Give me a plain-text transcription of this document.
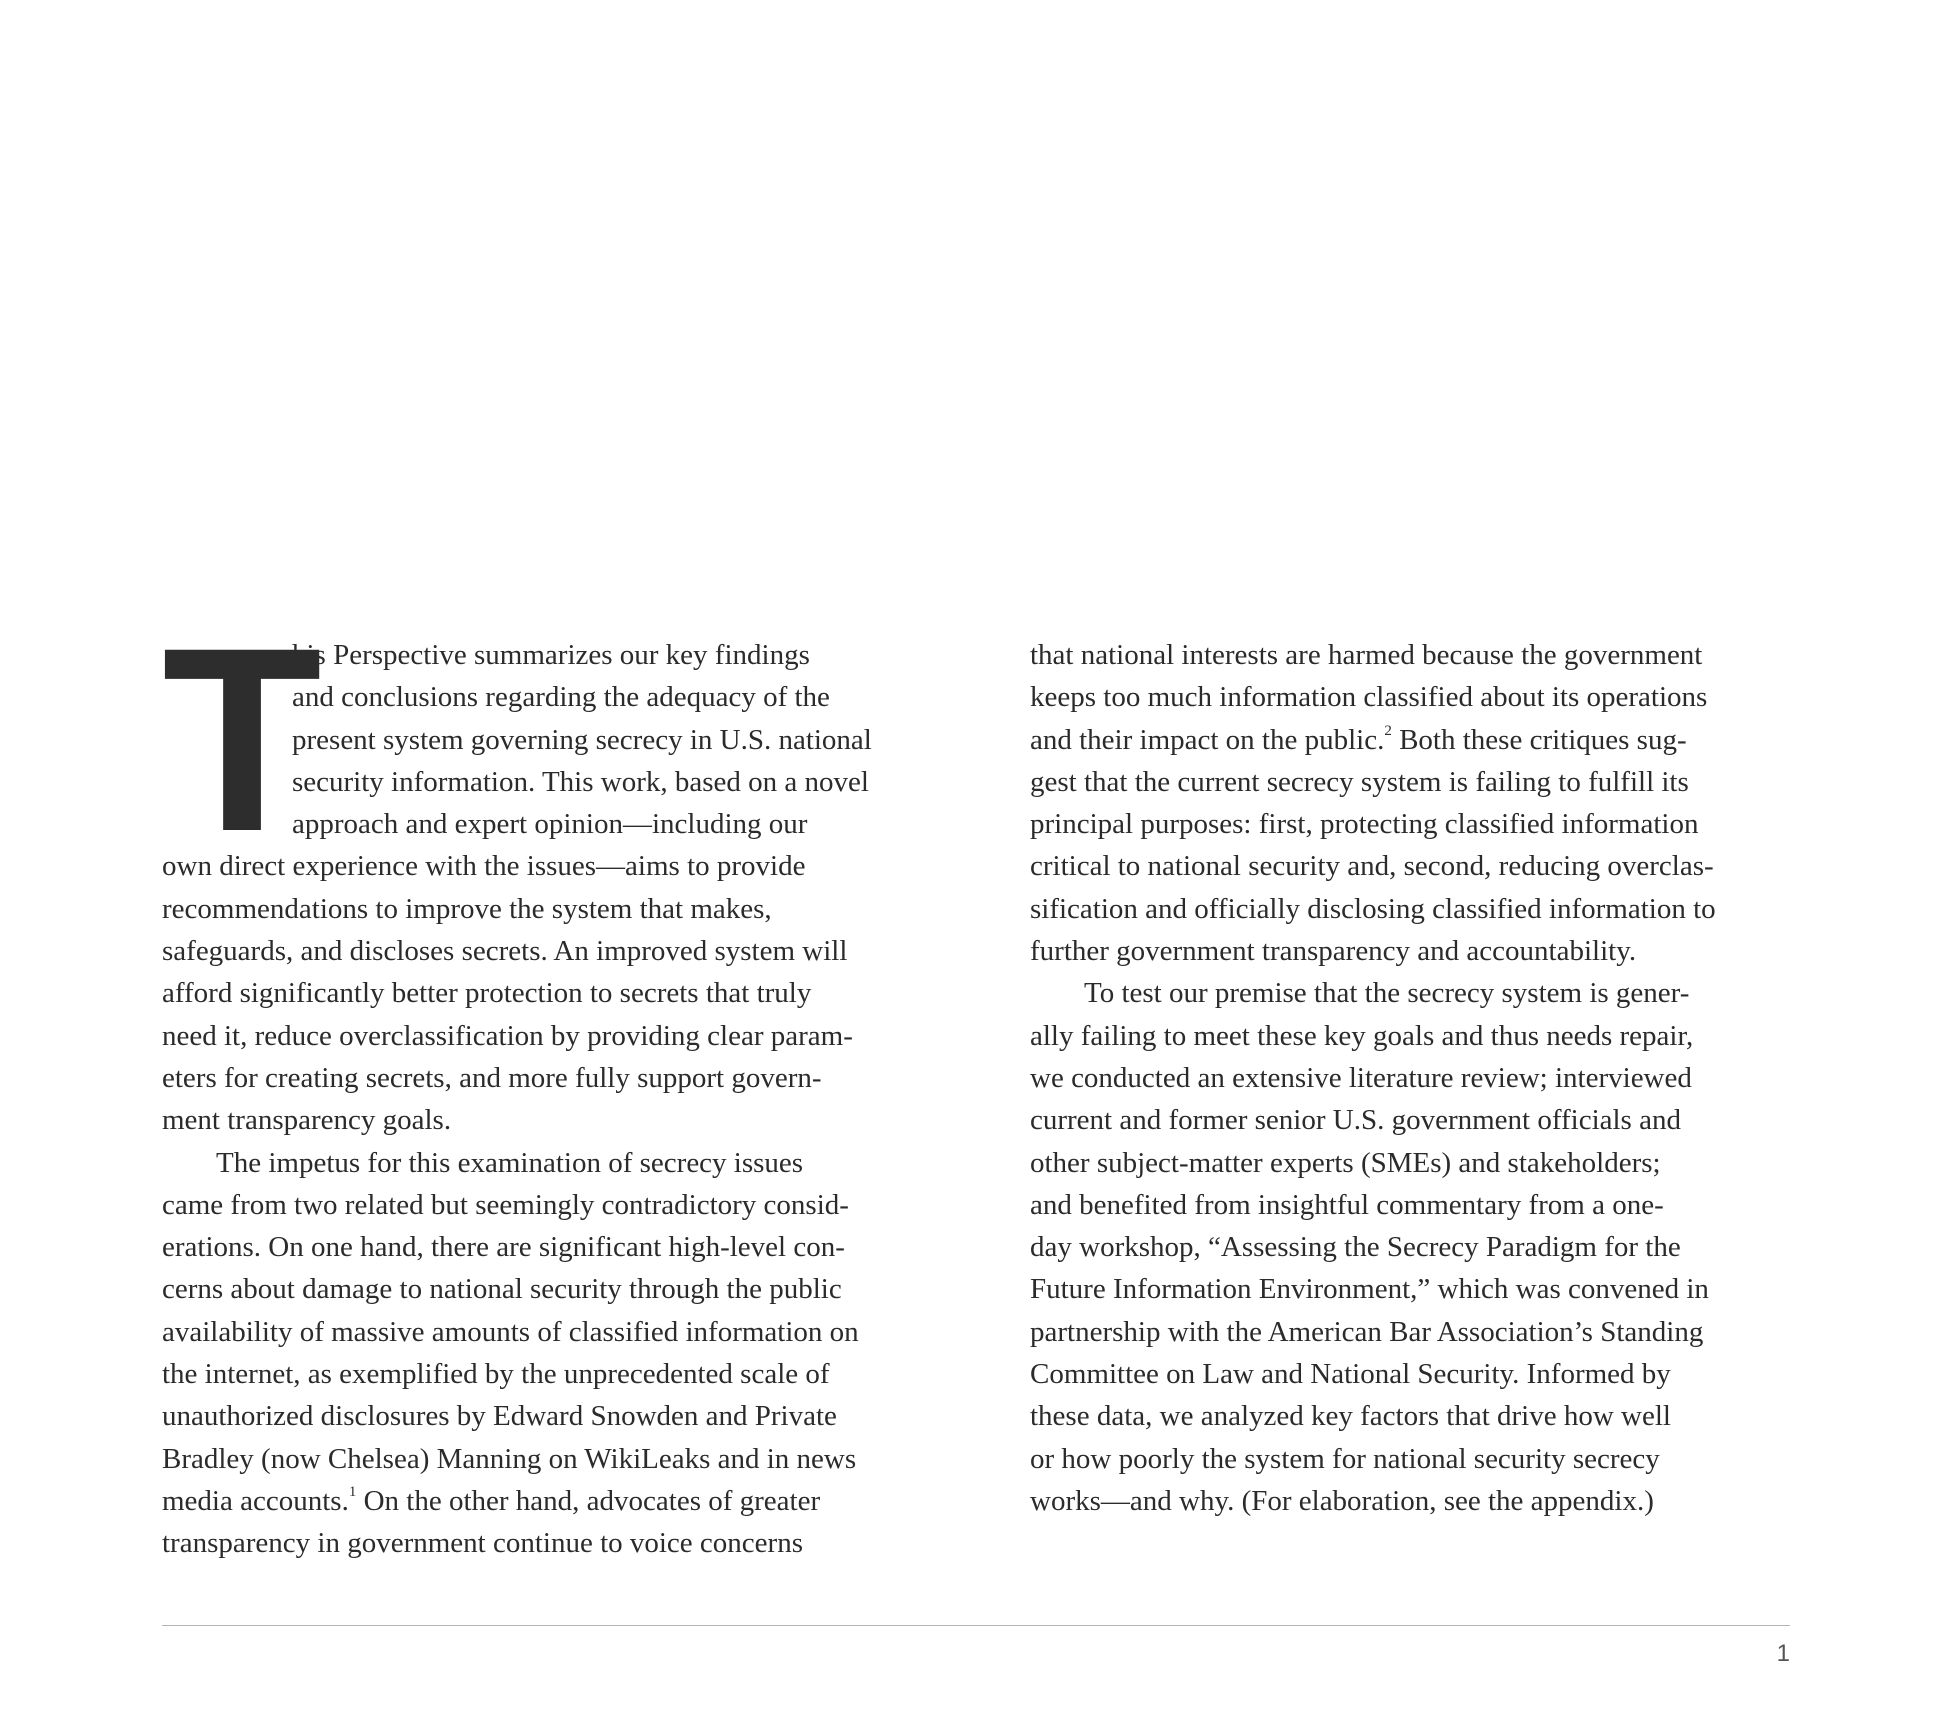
T
his Perspective summarizes our key findings
and conclusions regarding the adequacy of the
present system governing secrecy in U.S. national
security information. This work, based on a novel
approach and expert opinion—including our
own direct experience with the issues—aims to provide
recommendations to improve the system that makes,
safeguards, and discloses secrets. An improved system will
afford significantly better protection to secrets that truly
need it, reduce overclassification by providing clear param-
eters for creating secrets, and more fully support govern-
ment transparency goals.
The impetus for this examination of secrecy issues
came from two related but seemingly contradictory consid-
erations. On one hand, there are significant high-level con-
cerns about damage to national security through the public
availability of massive amounts of classified information on
the internet, as exemplified by the unprecedented scale of
unauthorized disclosures by Edward Snowden and Private
Bradley (now Chelsea) Manning on WikiLeaks and in news
media accounts.$^1$ On the other hand, advocates of greater
transparency in government continue to voice concerns
that national interests are harmed because the government
keeps too much information classified about its operations
and their impact on the public.$^2$ Both these critiques sug-
gest that the current secrecy system is failing to fulfill its
principal purposes: first, protecting classified information
critical to national security and, second, reducing overclas-
sification and officially disclosing classified information to
further government transparency and accountability.
To test our premise that the secrecy system is gener-
ally failing to meet these key goals and thus needs repair,
we conducted an extensive literature review; interviewed
current and former senior U.S. government officials and
other subject-matter experts (SMEs) and stakeholders;
and benefited from insightful commentary from a one-
day workshop, “Assessing the Secrecy Paradigm for the
Future Information Environment,” which was convened in
partnership with the American Bar Association’s Standing
Committee on Law and National Security. Informed by
these data, we analyzed key factors that drive how well
or how poorly the system for national security secrecy
works—and why. (For elaboration, see the appendix.)
1
